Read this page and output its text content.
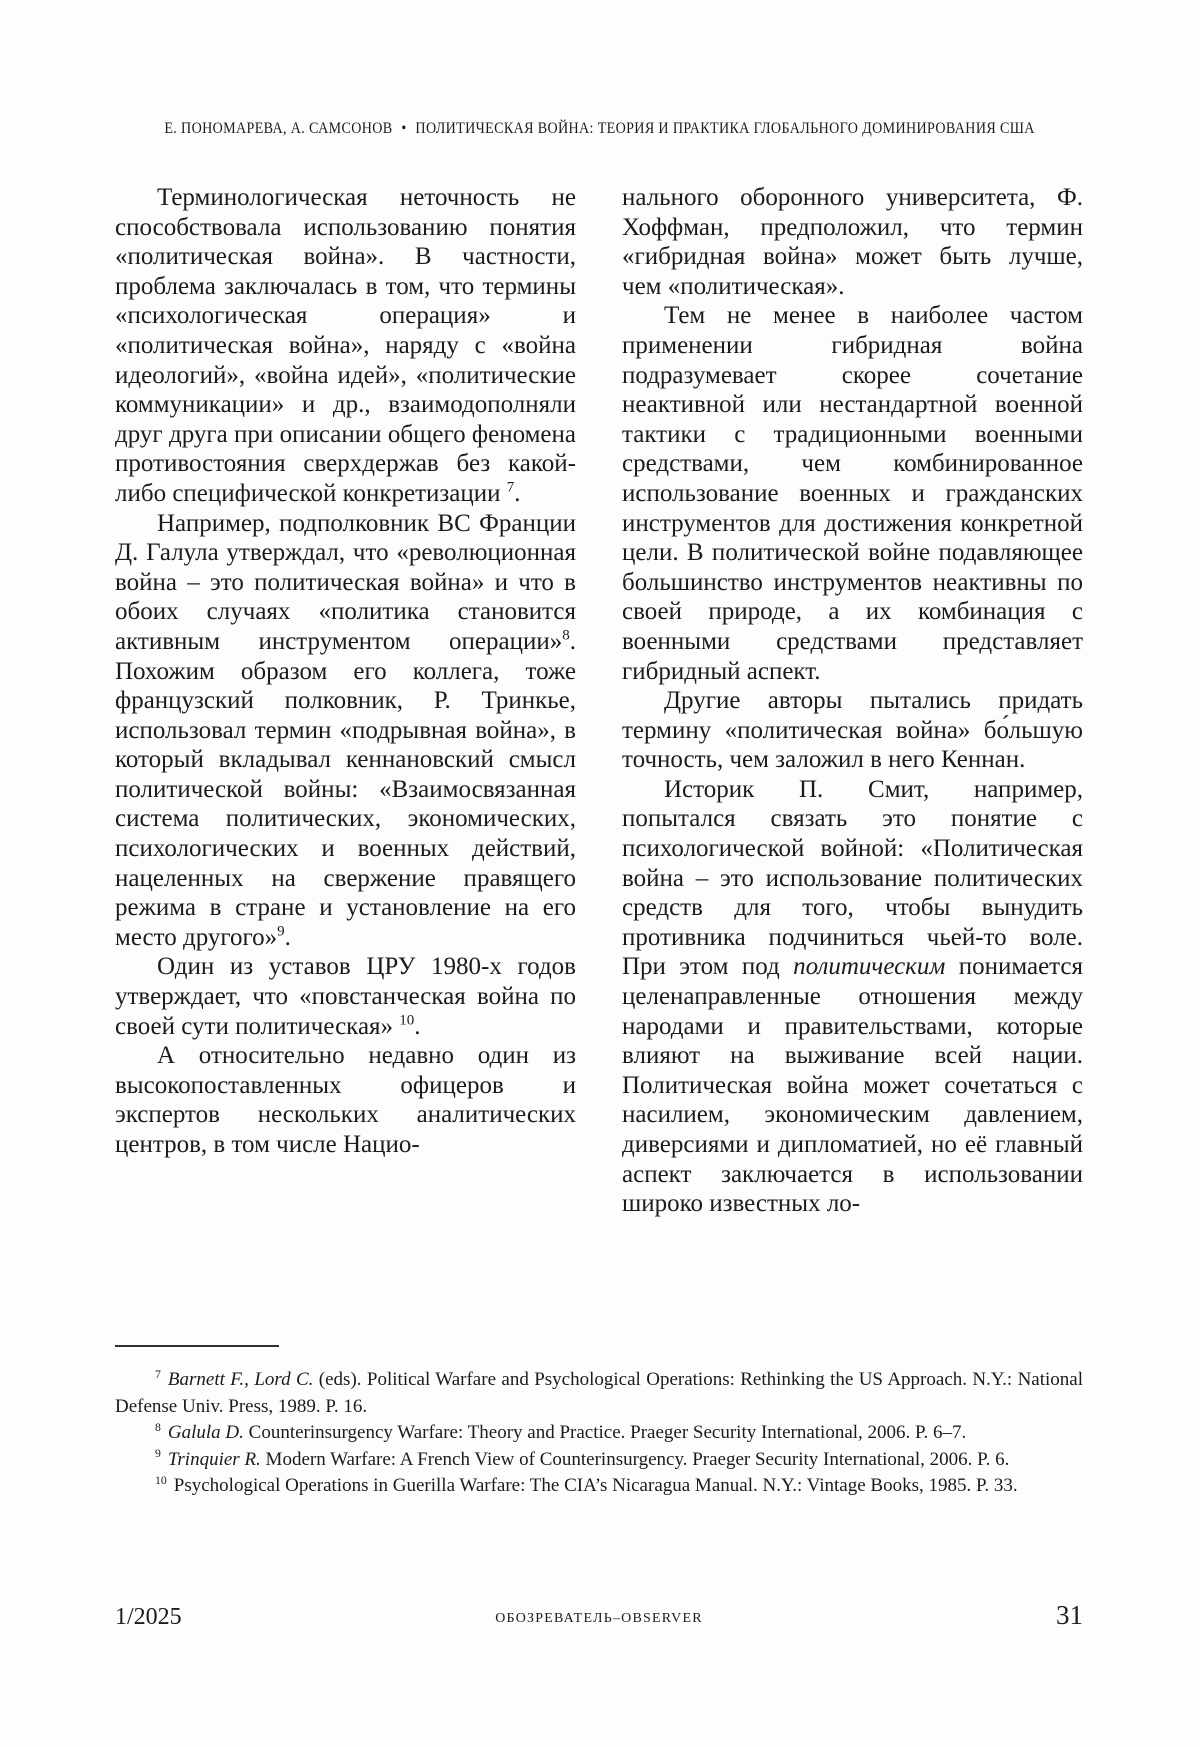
Е. ПОНОМАРЕВА, А. САМСОНОВ • ПОЛИТИЧЕСКАЯ ВОЙНА: ТЕОРИЯ И ПРАКТИКА ГЛОБАЛЬНОГО ДОМИНИРОВАНИЯ США

Терминологическая неточность не способствовала использованию понятия «политическая война». В частности, проблема заключалась в том, что термины «психологическая операция» и «политическая война», наряду с «война идеологий», «война идей», «политические коммуникации» и др., взаимодополняли друг друга при описании общего феномена противостояния сверхдержав без какой-либо специфической конкретизации $^7$.

Например, подполковник ВС Франции Д. Галула утверждал, что «революционная война – это политическая война» и что в обоих случаях «политика становится активным инструментом операции»$^8$. Похожим образом его коллега, тоже французский полковник, Р. Тринкье, использовал термин «подрывная война», в который вкладывал кеннановский смысл политической войны: «Взаимосвязанная система политических, экономических, психологических и военных действий, нацеленных на свержение правящего режима в стране и установление на его место другого»$^9$.

Один из уставов ЦРУ 1980-х годов утверждает, что «повстанческая война по своей сути политическая» $^{10}$.

А относительно недавно один из высокопоставленных офицеров и экспертов нескольких аналитических центров, в том числе Нацио-

нального оборонного университета, Ф. Хоффман, предположил, что термин «гибридная война» может быть лучше, чем «политическая».

Тем не менее в наиболее частом применении гибридная война подразумевает скорее сочетание неактивной или нестандартной военной тактики с традиционными военными средствами, чем комбинированное использование военных и гражданских инструментов для достижения конкретной цели. В политической войне подавляющее большинство инструментов неактивны по своей природе, а их комбинация с военными средствами представляет гибридный аспект.

Другие авторы пытались придать термину «политическая война» бо́льшую точность, чем заложил в него Кеннан.

Историк П. Смит, например, попытался связать это понятие с психологической войной: «Политическая война – это использование политических средств для того, чтобы вынудить противника подчиниться чьей-то воле. При этом под политическим понимается целенаправленные отношения между народами и правительствами, которые влияют на выживание всей нации. Политическая война может сочетаться с насилием, экономическим давлением, диверсиями и дипломатией, но её главный аспект заключается в использовании широко известных ло-

$^7$ Barnett F., Lord C. (eds). Political Warfare and Psychological Operations: Rethinking the US Approach. N.Y.: National Defense Univ. Press, 1989. P. 16.

$^8$ Galula D. Counterinsurgency Warfare: Theory and Practice. Praeger Security International, 2006. P. 6–7.

$^9$ Trinquier R. Modern Warfare: A French View of Counterinsurgency. Praeger Security International, 2006. P. 6.

$^{10}$ Psychological Operations in Guerilla Warfare: The CIA’s Nicaragua Manual. N.Y.: Vintage Books, 1985. P. 33.

1/2025	ОБОЗРЕВАТЕЛЬ–OBSERVER	31
